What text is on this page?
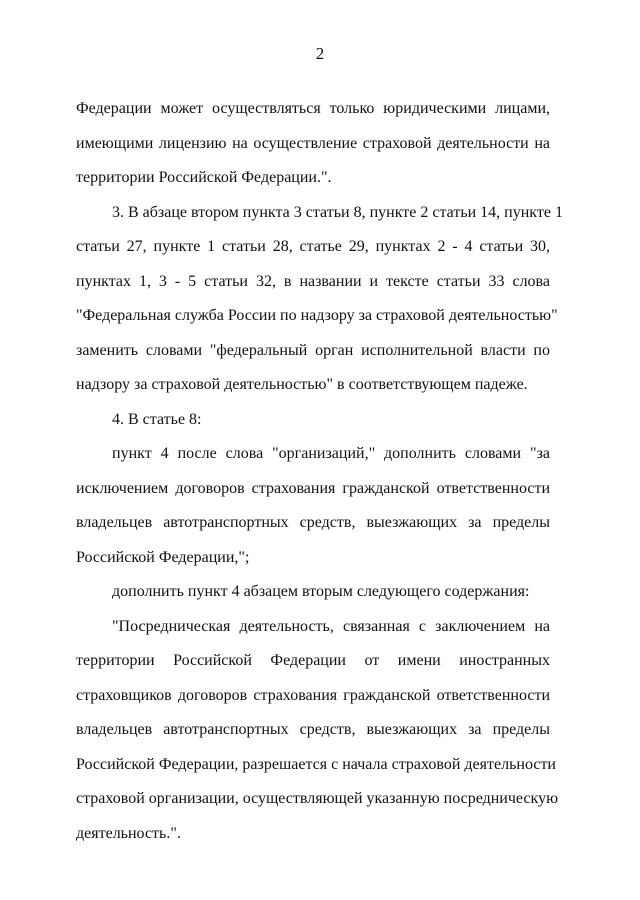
2
Федерации может осуществляться только юридическими лицами,
имеющими лицензию на осуществление страховой деятельности на
территории Российской Федерации.".
3. В абзаце втором пункта 3 статьи 8, пункте 2 статьи 14, пункте 1
статьи 27, пункте 1 статьи 28, статье 29, пунктах 2 - 4 статьи 30,
пунктах 1, 3 - 5 статьи 32, в названии и тексте статьи 33 слова
"Федеральная служба России по надзору за страховой деятельностью"
заменить словами "федеральный орган исполнительной власти по
надзору за страховой деятельностью" в соответствующем падеже.
4. В статье 8:
пункт 4 после слова "организаций," дополнить словами "за
исключением договоров страхования гражданской ответственности
владельцев автотранспортных средств, выезжающих за пределы
Российской Федерации,";
дополнить пункт 4 абзацем вторым следующего содержания:
"Посредническая деятельность, связанная с заключением на
территории Российской Федерации от имени иностранных
страховщиков договоров страхования гражданской ответственности
владельцев автотранспортных средств, выезжающих за пределы
Российской Федерации, разрешается с начала страховой деятельности
страховой организации, осуществляющей указанную посредническую
деятельность.".
